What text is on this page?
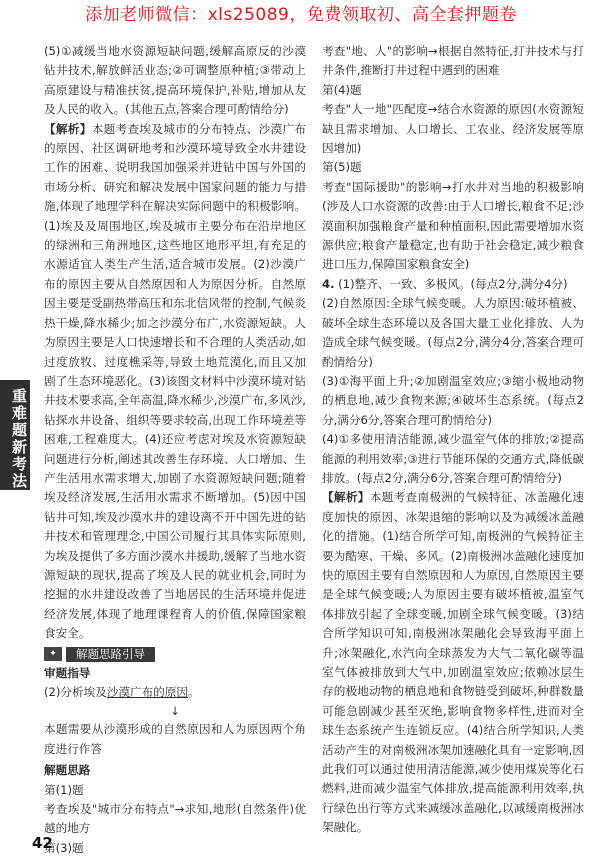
添加老师微信：xls25089，免费领取初、高全套押题卷
重难题新考法

(5)①减缓当地水资源短缺问题,缓解高原反的沙漠钻井技术,解放鲜活业态;②可调整原种植;③带动上高原建设与精准扶贫,提高环境保护,补贴,增加从友及人民的收入。(其他五点,答案合理可酌情给分)

【解析】本题考查埃及城市的分布特点、沙漠广布的原因、社区调研地考和沙漠环境导致全水井建设工作的困难、说明我国加强采并进钻中国与外国的市场分析、研究和解决发展中国家问题的能力与措施,体现了地理学科在解决实际问题中的积极影响。(1)埃及及周围地区,埃及城市主要分布在沿岸地区的绿洲和三角洲地区,这些地区地形平坦,有充足的水源适宜人类生产生活,适合城市发展。(2)沙漠广布的原因主要从自然原因和人为原因分析。自然原因主要是受副热带高压和东北信风带的控制,气候炎热干燥,降水稀少;加之沙漠分布广,水资源短缺。人为原因主要是人口快速增长和不合理的人类活动,如过度放牧、过度樵采等,导致土地荒漠化,而且又加剧了生态环境恶化。(3)该图文材料中沙漠环境对钻井技术要求高,全年高温,降水稀少,沙漠广布,多风沙,钻探水井设备、组织等要求较高,出现工作环境差等困难,工程难度大。(4)还应考虑对埃及水资源短缺问题进行分析,阐述其改善生存环境、人口增加、生产生活用水需求增大,加剧了水资源短缺问题;随着埃及经济发展,生活用水需求不断增加。(5)因中国钻井可知,埃及沙漠水井的建设离不开中国先进的钻井技术和管理理念,中国公司履行其具体实际原则,为埃及提供了多方面沙漠水井援助,缓解了当地水资源短缺的现状,提高了埃及人民的就业机会,同时为挖掘的水井建设改善了当地居民的生活环境并促进经济发展,体现了地理课程育人的价值,保障国家粮食安全。

✦	解题思路引导

审题指导

(2)分析埃及沙漠广布的原因。

↓

本题需要从沙漠形成的自然原因和人为原因两个角度进行作答

解题思路

第(1)题

考查埃及"城市分布特点"→求知,地形(自然条件)优越的地方

第(3)题

考查"地、人"的影响→根据自然特征,打井技术与打井条件,推断打井过程中遇到的困难

第(4)题

考查"人一地"匹配度→结合水资源的原因(水资源短缺且需求增加、人口增长、工农业、经济发展等原因增加)

第(5)题

考查"国际援助"的影响→打水井对当地的积极影响(涉及人口水资源的改善:由于人口增长,粮食不足;沙漠面积加强粮食产量和种植面积,因此需要增加水资源供应;粮食产量稳定,也有助于社会稳定,减少粮食进口压力,保障国家粮食安全)

4. (1)整齐、一致、多极风。(每点2分,满分4分)

(2)自然原因:全球气候变暖。人为原因:破坏植被、破坏全球生态环境以及各国大量工业化排放、人为造成全球气候变暖。(每点2分,满分4分,答案合理可酌情给分)

(3)①海平面上升;②加剧温室效应;③缩小极地动物的栖息地,减少食物来源;④破坏生态系统。(每点2分,满分6分,答案合理可酌情给分)

(4)①多使用清洁能源,减少温室气体的排放;②提高能源的利用效率;③进行节能环保的交通方式,降低碳排放。(每点2分,满分6分,答案合理可酌情给分)

【解析】本题考查南极洲的气候特征、冰盖融化速度加快的原因、冰架退缩的影响以及为减缓冰盖融化的措施。(1)结合所学可知,南极洲的气候特征主要为酷寒、干燥、多风。(2)南极洲冰盖融化速度加快的原因主要有自然原因和人为原因,自然原因主要是全球气候变暖;人为原因主要有破坏植被,温室气体排放引起了全球变暖,加剧全球气候变暖。(3)结合所学知识可知,南极洲冰架融化会导致海平面上升;冰架融化,水汽向全球蒸发为大气二氧化碳等温室气体被排放到大气中,加剧温室效应;依赖冰层生存的极地动物的栖息地和食物链受到破坏,种群数量可能急剧减少甚至灭绝,影响食物多样性,进而对全球生态系统产生连锁反应。(4)结合所学知识,人类活动产生的对南极洲冰架加速融化具有一定影响,因此我们可以通过使用清洁能源,减少使用煤炭等化石燃料,进而减少温室气体排放,提高能源利用效率,执行绿色出行等方式来减缓冰盖融化,以减缓南极洲冰架融化。

42
